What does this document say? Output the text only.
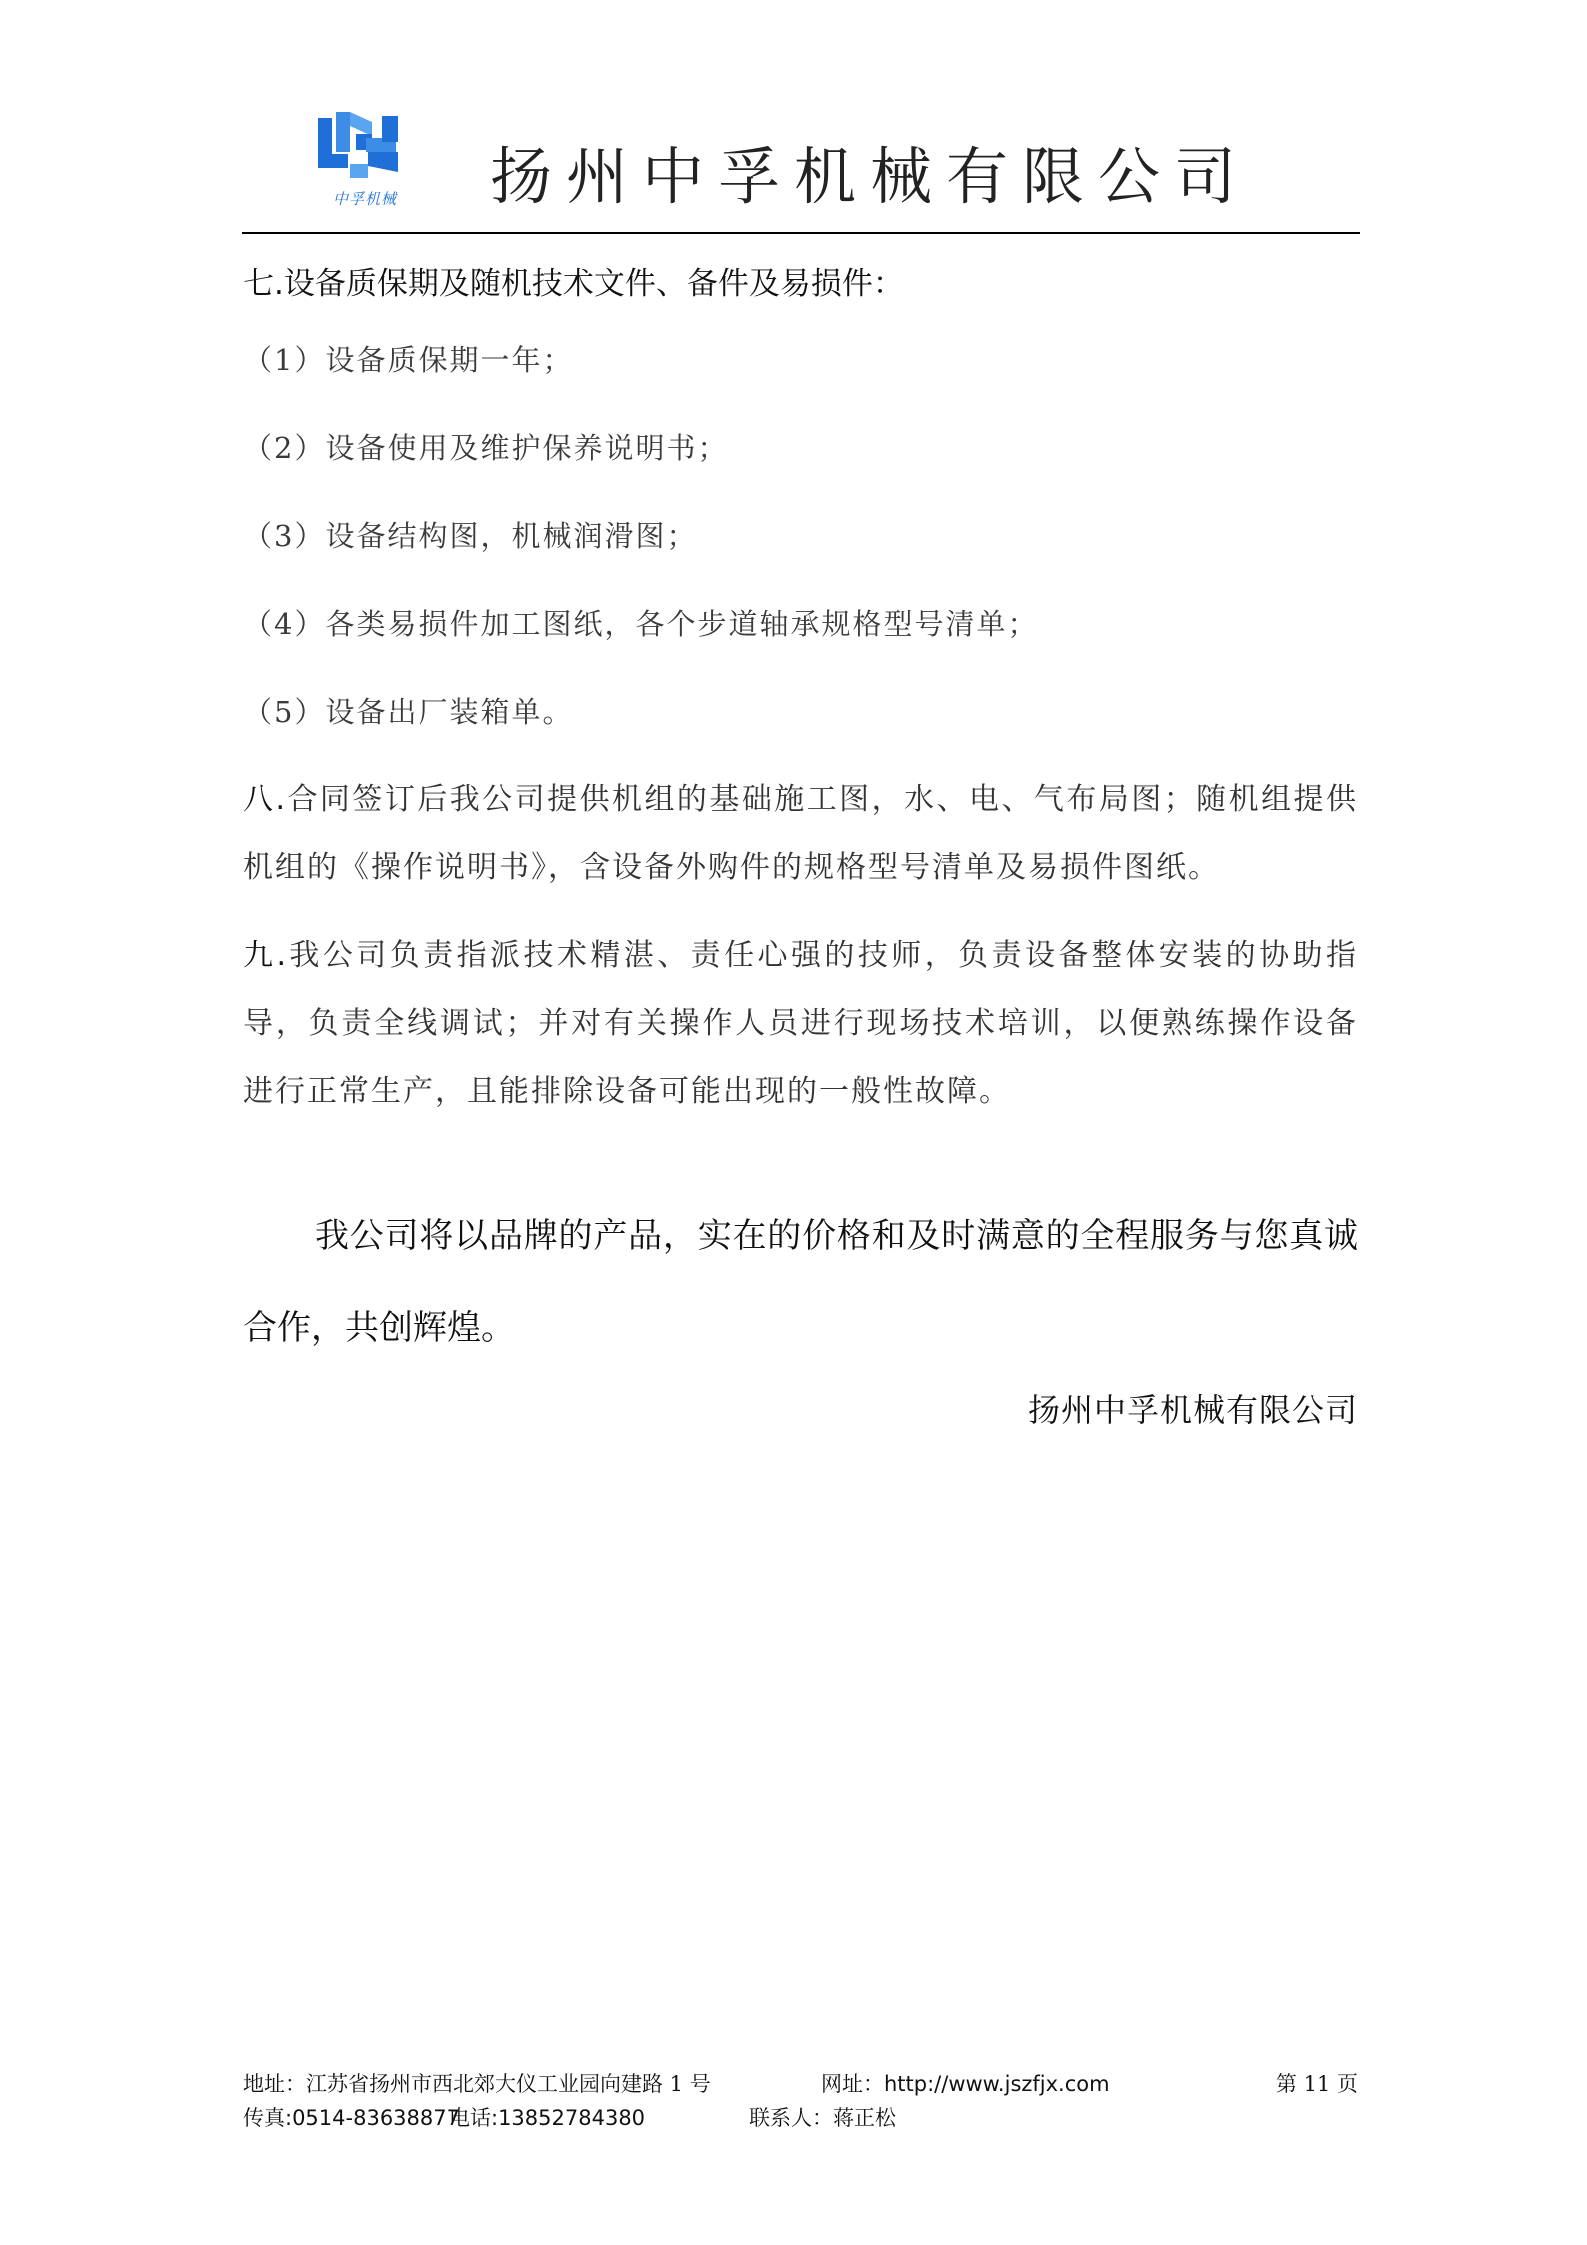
中孚机械	扬州中孚机械有限公司
七.设备质保期及随机技术文件、备件及易损件：
（1）设备质保期一年；
（2）设备使用及维护保养说明书；
（3）设备结构图，机械润滑图；
（4）各类易损件加工图纸，各个步道轴承规格型号清单；
（5）设备出厂装箱单。
八.合同签订后我公司提供机组的基础施工图，水、电、气布局图；随机组提供机组的《操作说明书》，含设备外购件的规格型号清单及易损件图纸。
九.我公司负责指派技术精湛、责任心强的技师，负责设备整体安装的协助指导，负责全线调试；并对有关操作人员进行现场技术培训，以便熟练操作设备进行正常生产，且能排除设备可能出现的一般性故障。
我公司将以品牌的产品，实在的价格和及时满意的全程服务与您真诚合作，共创辉煌。
扬州中孚机械有限公司
地址：江苏省扬州市西北郊大仪工业园向建路 1 号	网址：http://www.jszfjx.com	第 11 页
传真:0514-83638877
电话:13852784380	联系人：蒋正松
